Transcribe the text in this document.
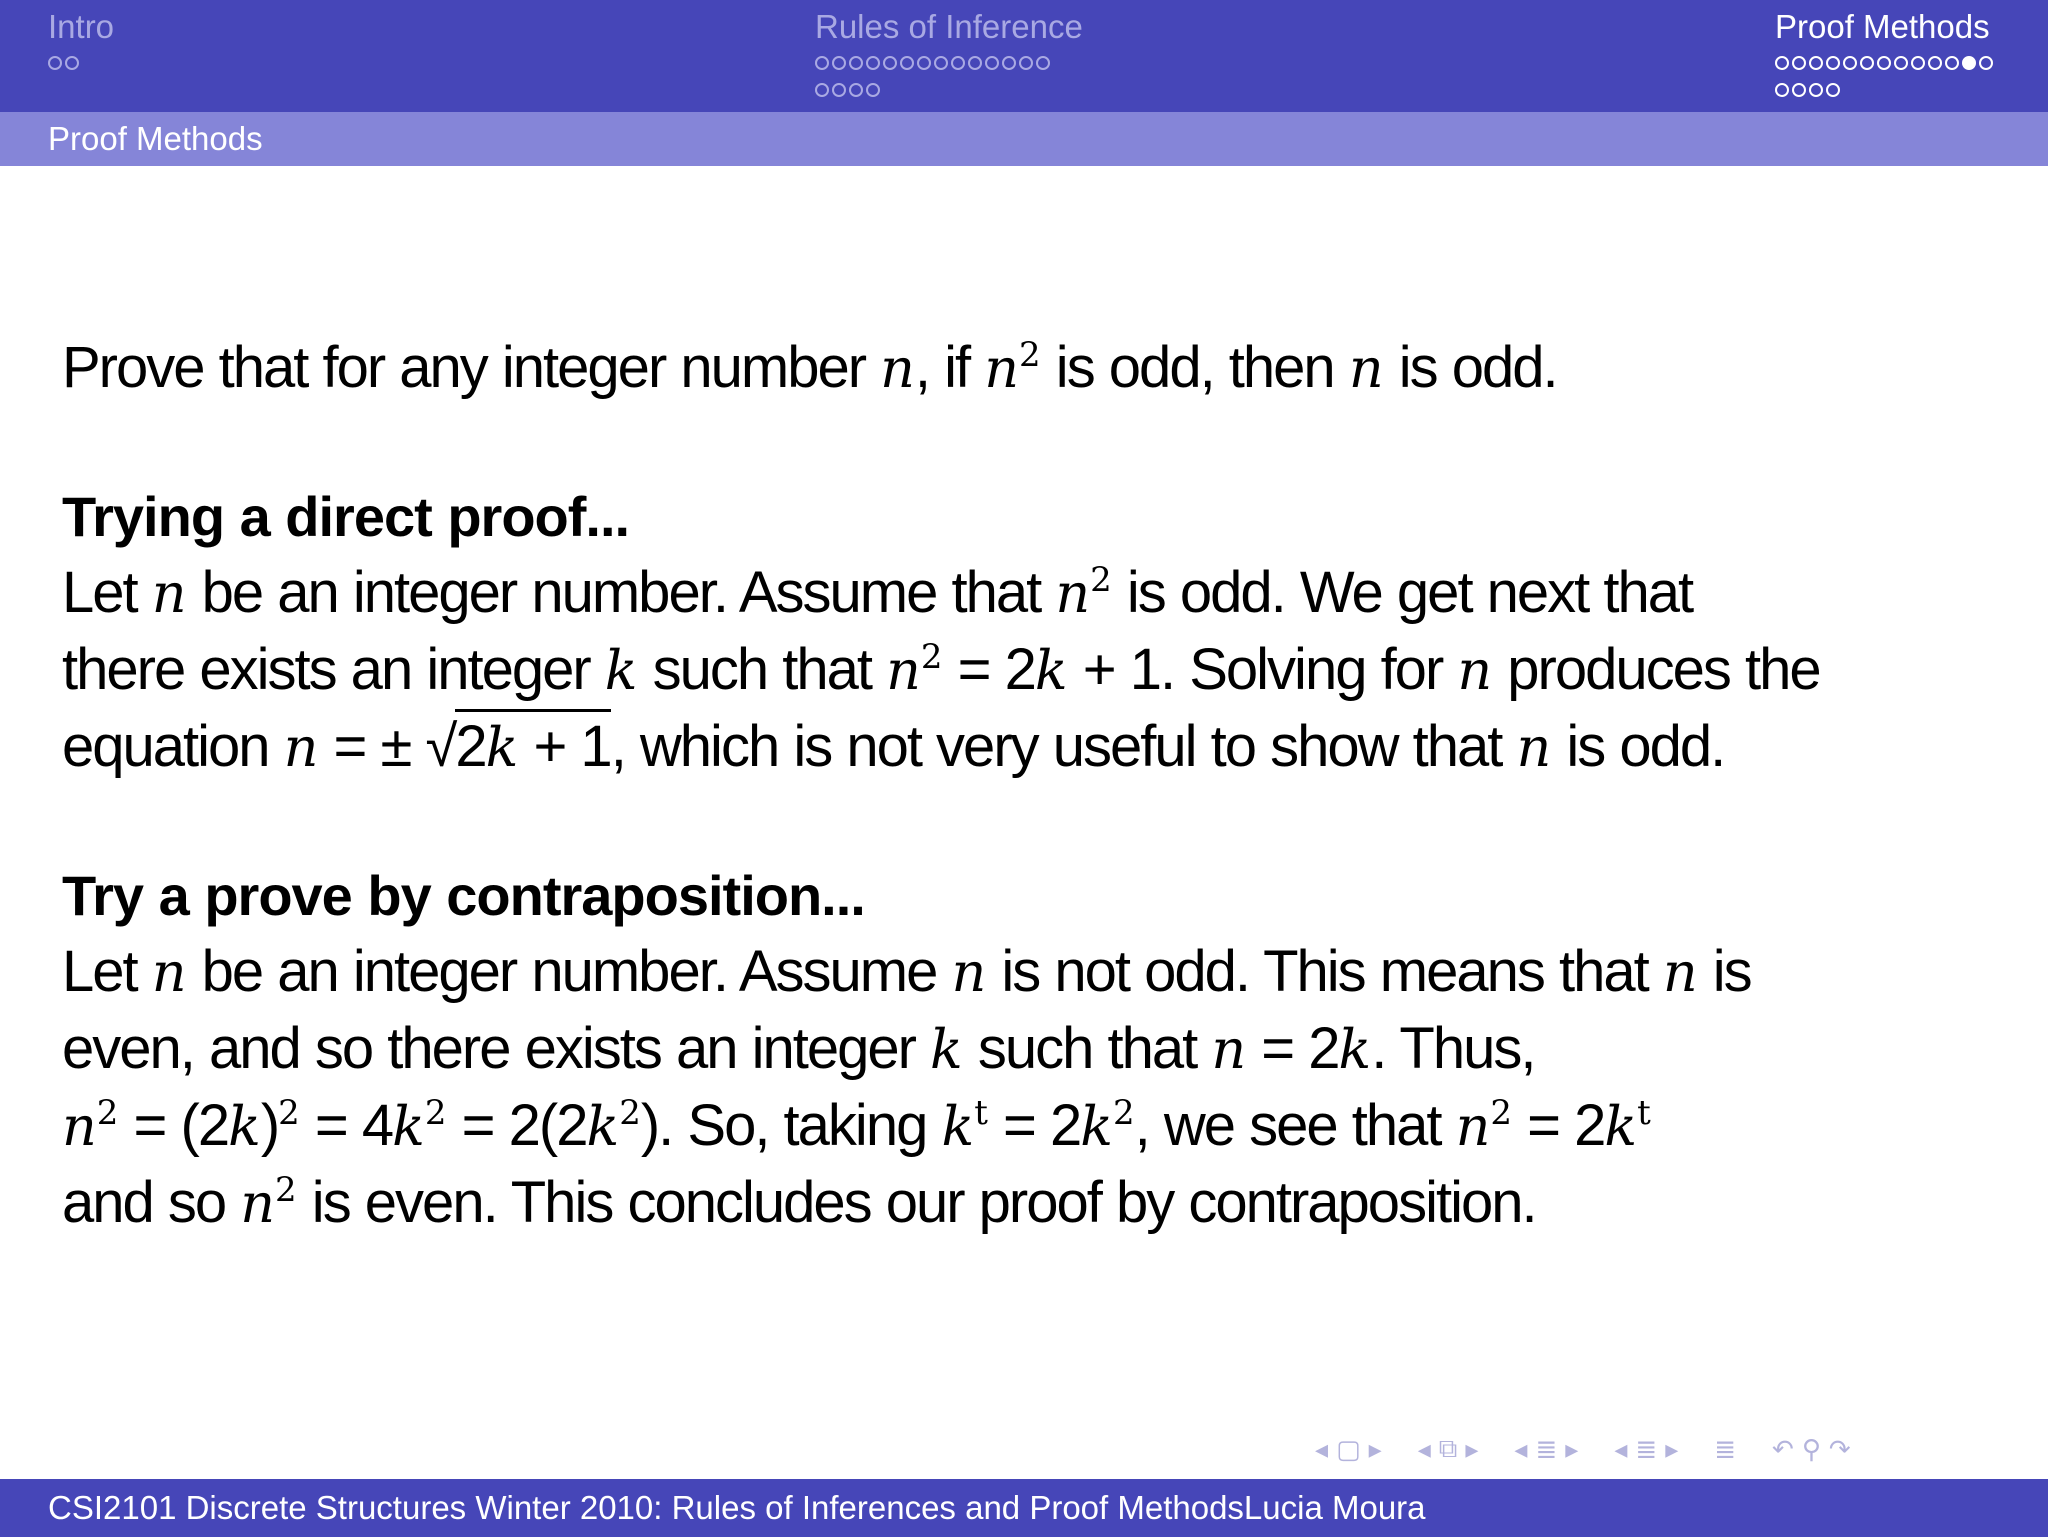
Intro	Rules of Inference	Proof Methods
Proof Methods
Prove that for any integer number n, if $n^2$ is odd, then n is odd.
Trying a direct proof...
Let n be an integer number. Assume that $n^2$ is odd. We get next that
there exists an integer k such that $n^2 = 2k + 1$. Solving for n produces the
equation n = ± √2k + 1, which is not very useful to show that n is odd.
Try a prove by contraposition...
Let n be an integer number. Assume n is not odd. This means that n is
even, and so there exists an integer k such that n = 2k. Thus,
$n^2 = (2k)^2 = 4k^2 = 2(2k^2)$. So, taking $k^t = 2k^2$, we see that $n^2 = 2k^t$
and so $n^2$ is even. This concludes our proof by contraposition.
◂ ▢ ▸ ◂ ⧉ ▸ ◂ ≣ ▸ ◂ ≣ ▸ ≣ ↶ ⚲ ↷
CSI2101 Discrete Structures Winter 2010: Rules of Inferences and Proof MethodsLucia Moura
